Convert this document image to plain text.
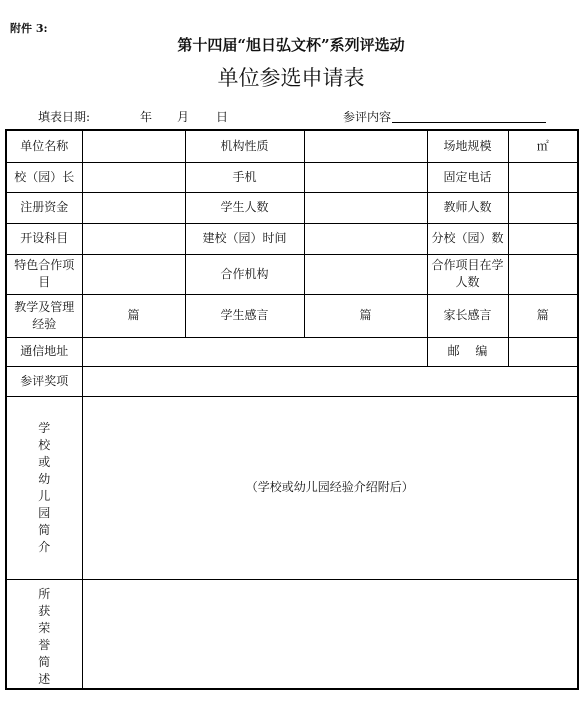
附件 3:
第十四届“旭日弘文杯”系列评选动
单位参选申请表
填表日期:	年 月 日	参评内容
单位名称		机构性质		场地规模	㎡
校（园）长		手机		固定电话	
注册资金		学生人数		教师人数	
开设科目		建校（园）时间		分校（园）数	
特色合作项目		合作机构		合作项目在学人数	
教学及管理经验	篇	学生感言	篇	家长感言	篇
通信地址				邮　 编	
参评奖项					

学校或幼儿园简介	（学校或幼儿园经验介绍附后）				

所获荣誉简述					
